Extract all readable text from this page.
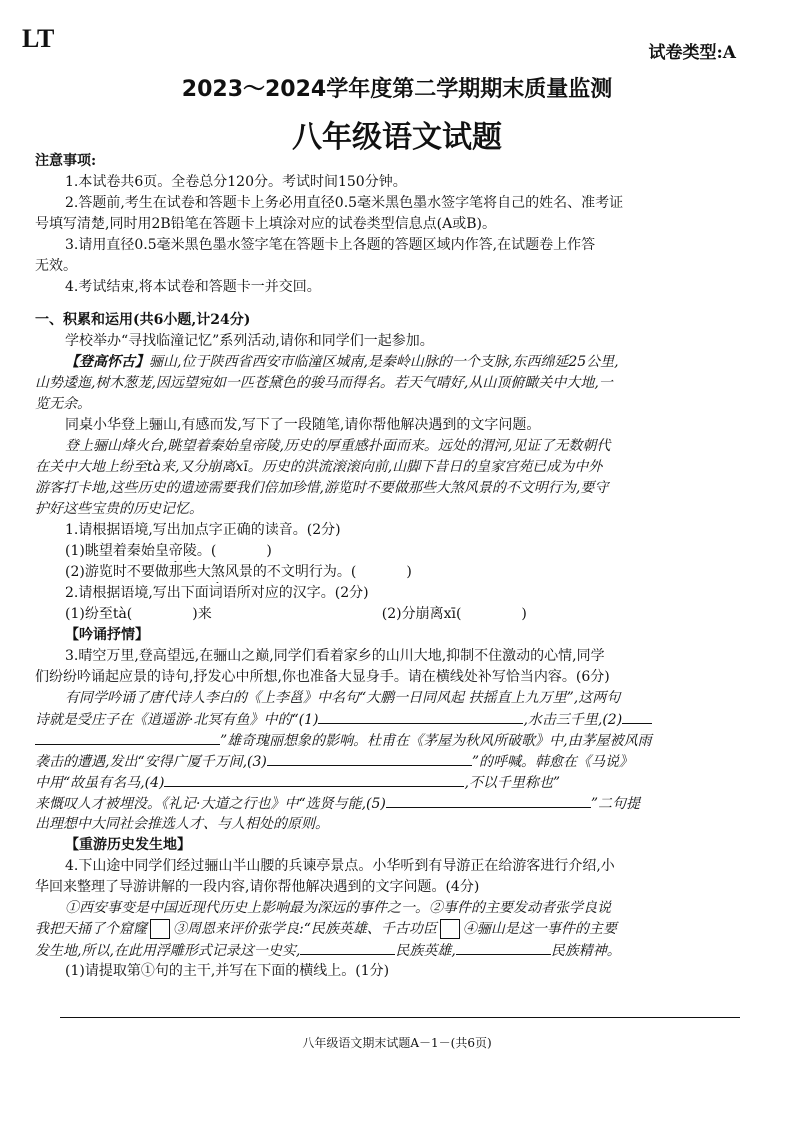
LT	试卷类型:A
2023～2024学年度第二学期期末质量监测
八年级语文试题
注意事项:
1.本试卷共6页。全卷总分120分。考试时间150分钟。
2.答题前,考生在试卷和答题卡上务必用直径0.5毫米黑色墨水签字笔将自己的姓名、准考证
号填写清楚,同时用2B铅笔在答题卡上填涂对应的试卷类型信息点(A或B)。
3.请用直径0.5毫米黑色墨水签字笔在答题卡上各题的答题区域内作答,在试题卷上作答
无效。
4.考试结束,将本试卷和答题卡一并交回。
一、积累和运用(共6小题,计24分)
学校举办“寻找临潼记忆”系列活动,请你和同学们一起参加。
【登高怀古】骊山,位于陕西省西安市临潼区城南,是秦岭山脉的一个支脉,东西绵延25公里,
山势逶迤,树木葱茏,因远望宛如一匹苍黛色的骏马而得名。若天气晴好,从山顶俯瞰关中大地,一
览无余。
同桌小华登上骊山,有感而发,写下了一段随笔,请你帮他解决遇到的文字问题。
登上骊山烽火台,眺望着秦始皇帝陵,历史的厚重感扑面而来。远处的渭河,见证了无数朝代
在关中大地上纷至tà来,又分崩离xī。历史的洪流滚滚向前,山脚下昔日的皇家宫苑已成为中外
游客打卡地,这些历史的遗迹需要我们倍加珍惜,游览时不要做那些大煞风景的不文明行为,要守
护好这些宝贵的历史记忆。
1.请根据语境,写出加点字正确的读音。(2分)
(1)眺望着秦始皇帝陵。(	)
(2)游览时不要做那些大煞风景的不文明行为。(	)
2.请根据语境,写出下面词语所对应的汉字。(2分)
(1)纷至tà(	)来	(2)分崩离xī(	)
【吟诵抒情】
3.晴空万里,登高望远,在骊山之巅,同学们看着家乡的山川大地,抑制不住激动的心情,同学
们纷纷吟诵起应景的诗句,抒发心中所想,你也准备大显身手。请在横线处补写恰当内容。(6分)
有同学吟诵了唐代诗人李白的《上李邕》中名句“大鹏一日同风起 扶摇直上九万里”,这两句
诗就是受庄子在《逍遥游·北冥有鱼》中的“(1)	,水击三千里,(2)
”雄奇瑰丽想象的影响。杜甫在《茅屋为秋风所破歌》中,由茅屋被风雨
袭击的遭遇,发出“安得广厦千万间,(3)	”的呼喊。韩愈在《马说》
中用“故虽有名马,(4)	,不以千里称也”
来慨叹人才被埋没。《礼记·大道之行也》中“选贤与能,(5)	”二句提
出理想中大同社会推选人才、与人相处的原则。
【重游历史发生地】
4.下山途中同学们经过骊山半山腰的兵谏亭景点。小华听到有导游正在给游客进行介绍,小
华回来整理了导游讲解的一段内容,请你帮他解决遇到的文字问题。(4分)
①西安事变是中国近现代历史上影响最为深远的事件之一。②事件的主要发动者张学良说
我把天捅了个窟窿 ③周恩来评价张学良:“民族英雄、千古功臣 ④骊山是这一事件的主要
发生地,所以,在此用浮雕形式记录这一史实,	民族英雄,	民族精神。
(1)请提取第①句的主干,并写在下面的横线上。(1分)
八年级语文期末试题A－1－(共6页)
